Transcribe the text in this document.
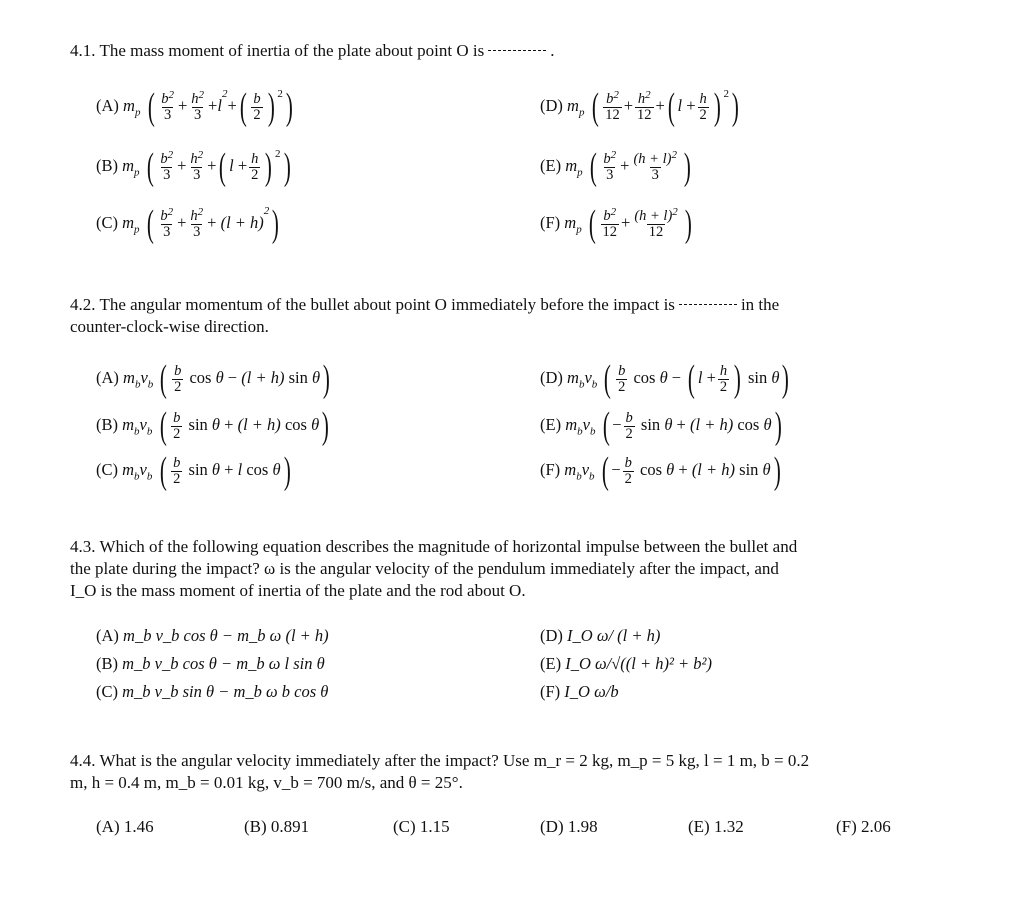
4.1. The mass moment of inertia of the plate about point O is	.
(A) $m_p$ ( $\frac{b^2}{3} + \frac{h^2}{3} +l^2+( \frac{b}{2}$ ) $^2$)
(B) $m_p$ ( $\frac{b^2}{3} + \frac{h^2}{3}$ +( $l + \frac{h}{2}$ ) $^2$)
(C) $m_p$ ( $\frac{b^2}{3} + \frac{h^2}{3} + (l + h)^2$)
(D) $m_p$ ( $\frac{b^2}{12} + \frac{h^2}{12}$ +( $l + \frac{h}{2}$ ) $^2$)
(E) $m_p$ ( $\frac{b^2}{3} + \frac{(h + l)^2}{3}$ )
(F) $m_p$ ( $\frac{b^2}{12} + \frac{(h + l)^2}{12}$ )
4.2. The angular momentum of the bullet about point O immediately before the impact is	in the
counter-clock-wise direction.
(A) $m_bv_b$ ( $\frac{b}{2}$ cos θ − (l + h) sin θ)
(B) $m_bv_b$ ( $\frac{b}{2}$ sin θ + (l + h) cos θ)
(C) $m_bv_b$ ( $\frac{b}{2}$ sin θ + l cos θ)
(D) $m_bv_b$ ( $\frac{b}{2}$ cos θ − ( $l + \frac{h}{2}$ ) sin θ)
(E) $m_bv_b$ ( − $\frac{b}{2}$ sin θ + (l + h) cos θ)
(F) $m_bv_b$ ( − $\frac{b}{2}$ cos θ + (l + h) sin θ)
4.3. Which of the following equation describes the magnitude of horizontal impulse between the bullet and
the plate during the impact? ω is the angular velocity of the pendulum immediately after the impact, and
I_O is the mass moment of inertia of the plate and the rod about O.
(A) m_b v_b cos θ − m_b ω (l + h)
(B) m_b v_b cos θ − m_b ω l sin θ
(C) m_b v_b sin θ − m_b ω b cos θ
(D) I_O ω/ (l + h)
(E) I_O ω/√((l + h)² + b²)
(F) I_O ω/b
4.4. What is the angular velocity immediately after the impact? Use m_r = 2 kg, m_p = 5 kg, l = 1 m, b = 0.2
m, h = 0.4 m, m_b = 0.01 kg, v_b = 700 m/s, and θ = 25°.
(A) 1.46	(B) 0.891	(C) 1.15	(D) 1.98	(E) 1.32	(F) 2.06
